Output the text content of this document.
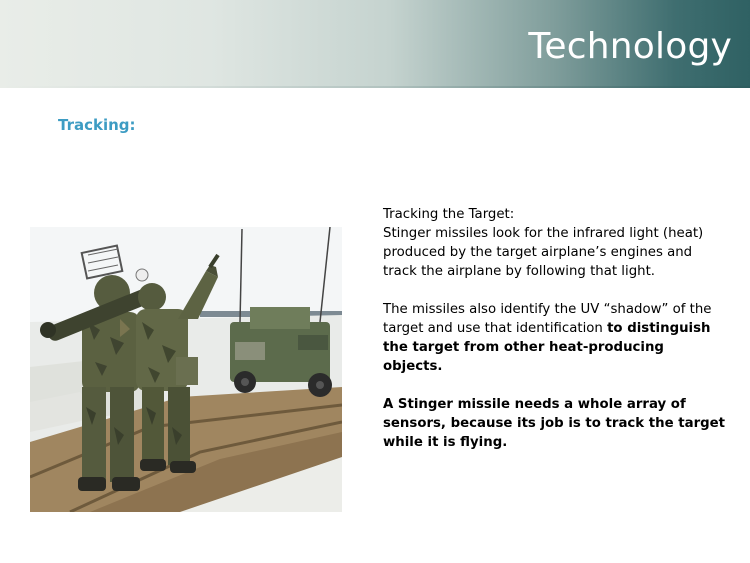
Technology
Tracking:

Tracking the Target:

Stinger missiles look for the infrared light (heat) produced by the target airplane’s engines and track the airplane by following that light.

The missiles also identify the UV “shadow” of the target and use that identification to distinguish the target from other heat-producing objects.

A Stinger missile needs a whole array of sensors, because its job is to track the target while it is flying.
